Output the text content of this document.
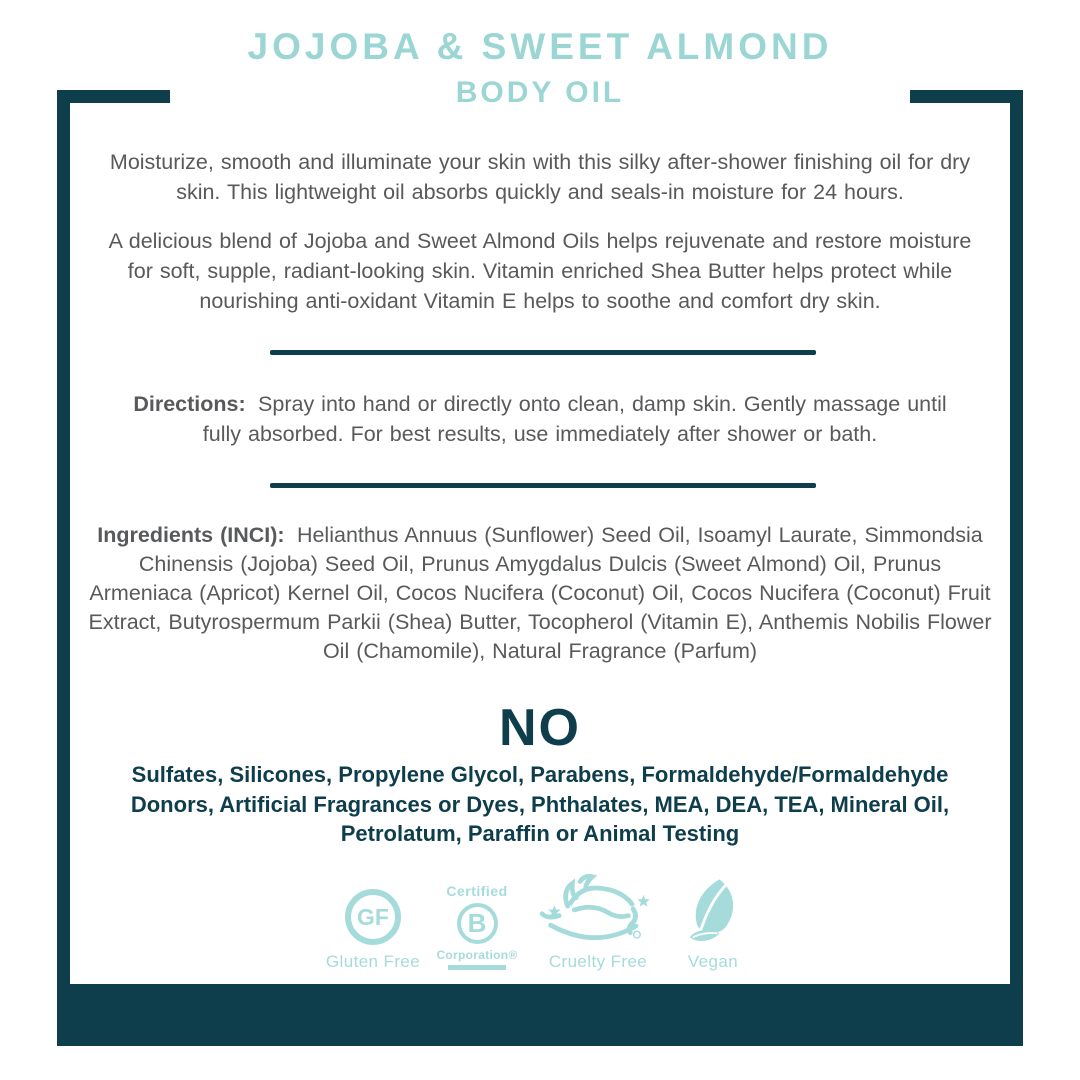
JOJOBA & SWEET ALMOND
BODY OIL

Moisturize, smooth and illuminate your skin with this silky after-shower finishing oil for dry skin. This lightweight oil absorbs quickly and seals-in moisture for 24 hours.

A delicious blend of Jojoba and Sweet Almond Oils helps rejuvenate and restore moisture for soft, supple, radiant-looking skin. Vitamin enriched Shea Butter helps protect while nourishing anti-oxidant Vitamin E helps to soothe and comfort dry skin.

Directions: Spray into hand or directly onto clean, damp skin. Gently massage until fully absorbed. For best results, use immediately after shower or bath.

Ingredients (INCI): Helianthus Annuus (Sunflower) Seed Oil, Isoamyl Laurate, Simmondsia Chinensis (Jojoba) Seed Oil, Prunus Amygdalus Dulcis (Sweet Almond) Oil, Prunus Armeniaca (Apricot) Kernel Oil, Cocos Nucifera (Coconut) Oil, Cocos Nucifera (Coconut) Fruit Extract, Butyrospermum Parkii (Shea) Butter, Tocopherol (Vitamin E), Anthemis Nobilis Flower Oil (Chamomile), Natural Fragrance (Parfum)

NO

Sulfates, Silicones, Propylene Glycol, Parabens, Formaldehyde/Formaldehyde Donors, Artificial Fragrances or Dyes, Phthalates, MEA, DEA, TEA, Mineral Oil, Petrolatum, Paraffin or Animal Testing

GF
Gluten Free
Certified
B
Corporation® Cruelty Free Vegan
